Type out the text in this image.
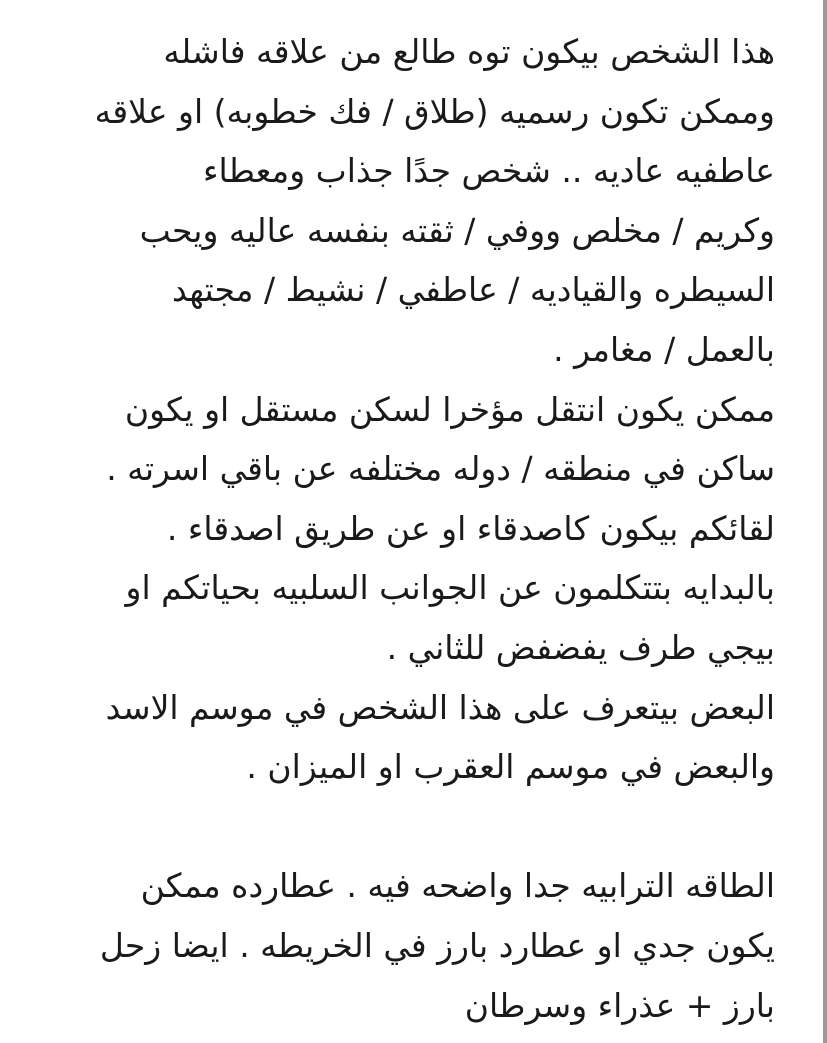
هذا الشخص بيكون توه طالع من علاقه فاشله
وممكن تكون رسميه (طلاق / فك خطوبه) او علاقه
عاطفيه عاديه .. شخص جدًا جذاب ومعطاء
وكريم / مخلص ووفي / ثقته بنفسه عاليه ويحب
السيطره والقياديه / عاطفي / نشيط / مجتهد
بالعمل / مغامر .
ممكن يكون انتقل مؤخرا لسكن مستقل او يكون
ساكن في منطقه / دوله مختلفه عن باقي اسرته .
لقائكم بيكون كاصدقاء او عن طريق اصدقاء .
بالبدايه بتتكلمون عن الجوانب السلبيه بحياتكم او
بيجي طرف يفضفض للثاني .
البعض بيتعرف على هذا الشخص في موسم الاسد
والبعض في موسم العقرب او الميزان .
الطاقه الترابيه جدا واضحه فيه . عطارده ممكن
يكون جدي او عطارد بارز في الخريطه . ايضا زحل
بارز + عذراء وسرطان
